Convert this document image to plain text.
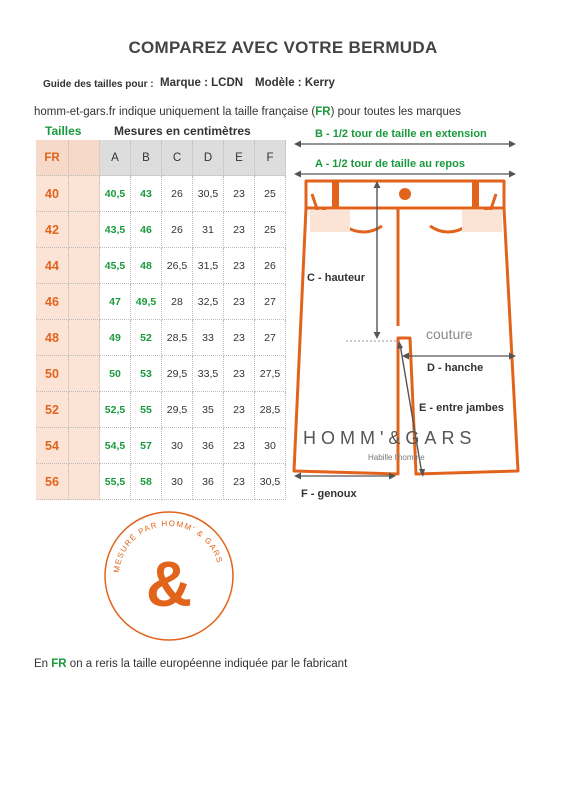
COMPAREZ AVEC VOTRE BERMUDA
Guide des tailles pour : Marque : LCDN Modèle : Kerry
homm-et-gars.fr indique uniquement la taille française (FR) pour toutes les marques
Tailles	Mesures en centimètres
FR		A	B	C	D	E	F
40		40,5	43	26	30,5	23	25
42		43,5	46	26	31	23	25
44		45,5	48	26,5	31,5	23	26
46		47	49,5	28	32,5	23	27
48		49	52	28,5	33	23	27
50		50	53	29,5	33,5	23	27,5
52		52,5	55	29,5	35	23	28,5
54		54,5	57	30	36	23	30
56		55,5	58	30	36	23	30,5
B - 1/2 tour de taille en extension
A - 1/2 tour de taille au repos
C - hauteur
couture
D - hanche
E - entre jambes
HOMM'&GARS
Habille l'homme
F - genoux
MESURÉ PAR HOMM' & GARS
&
En FR on a reris la taille européenne indiquée par le fabricant
